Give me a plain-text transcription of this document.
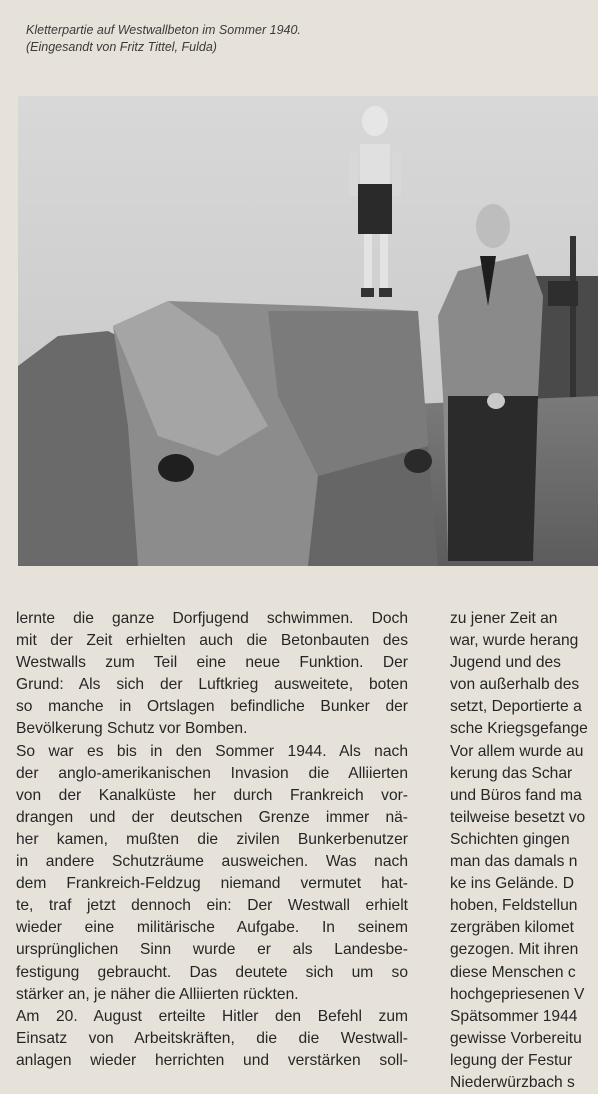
Kletterpartie auf Westwallbeton im Sommer 1940.
(Eingesandt von Fritz Tittel, Fulda)
lernte die ganze Dorfjugend schwimmen. Doch
mit der Zeit erhielten auch die Betonbauten des
Westwalls zum Teil eine neue Funktion. Der
Grund: Als sich der Luftkrieg ausweitete, boten
so manche in Ortslagen befindliche Bunker der
Bevölkerung Schutz vor Bomben.
So war es bis in den Sommer 1944. Als nach
der anglo-amerikanischen Invasion die Alliierten
von der Kanalküste her durch Frankreich vor-
drangen und der deutschen Grenze immer nä-
her kamen, mußten die zivilen Bunkerbenutzer
in andere Schutzräume ausweichen. Was nach
dem Frankreich-Feldzug niemand vermutet hat-
te, traf jetzt dennoch ein: Der Westwall erhielt
wieder eine militärische Aufgabe. In seinem
ursprünglichen Sinn wurde er als Landesbe-
festigung gebraucht. Das deutete sich um so
stärker an, je näher die Alliierten rückten.
Am 20. August erteilte Hitler den Befehl zum
Einsatz von Arbeitskräften, die die Westwall-
anlagen wieder herrichten und verstärken soll-
zu jener Zeit an
war, wurde herang
Jugend und des
von außerhalb des
setzt, Deportierte a
sche Kriegsgefange
Vor allem wurde au
kerung das Schar
und Büros fand ma
teilweise besetzt vo
Schichten gingen
man das damals n
ke ins Gelände. D
hoben, Feldstellun
zergräben kilomet
gezogen. Mit ihren
diese Menschen c
hochgepriesenen V
Spätsommer 1944
gewisse Vorbereitu
legung der Festur
Niederwürzbach s
